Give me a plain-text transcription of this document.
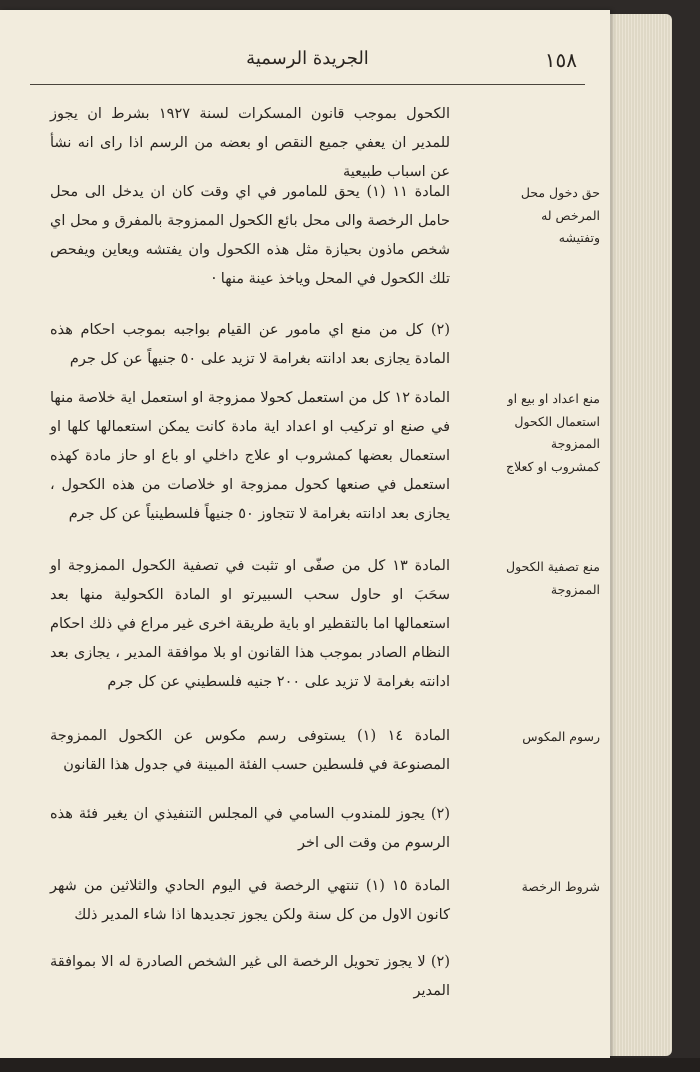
١٥٨
الجريدة الرسمية
الكحول بموجب قانون المسكرات لسنة ١٩٢٧ بشرط ان يجوز للمدير ان يعفي جميع النقص او بعضه من الرسم اذا راى انه نشأ عن اسباب طبيعية
حق دخول محل المرخص له وتفتيشه
المادة ١١ (١) يحق للمامور في اي وقت كان ان يدخل الى محل حامل الرخصة والى محل بائع الكحول الممزوجة بالمفرق و محل اي شخص ماذون بحيازة مثل هذه الكحول وان يفتشه ويعاين ويفحص تلك الكحول في المحل وياخذ عينة منها ·
(٢) كل من منع اي مامور عن القيام بواجبه بموجب احكام هذه المادة يجازى بعد ادانته بغرامة لا تزيد على ٥٠ جنيهاً عن كل جرم
منع اعداد او بيع او استعمال الكحول الممزوجة كمشروب او كعلاج
المادة ١٢ كل من استعمل كحولا ممزوجة او استعمل اية خلاصة منها في صنع او تركيب او اعداد اية مادة كانت يمكن استعمالها كلها او استعمال بعضها كمشروب او علاج داخلي او باع او حاز مادة كهذه استعمل في صنعها كحول ممزوجة او خلاصات من هذه الكحول ، يجازى بعد ادانته بغرامة لا تتجاوز ٥٠ جنيهاً فلسطينياً عن كل جرم
منع تصفية الكحول الممزوجة
المادة ١٣ كل من صفّى او تثبت في تصفية الكحول الممزوجة او سحَبَ او حاول سحب السبيرتو او المادة الكحولية منها بعد استعمالها اما بالتقطير او باية طريقة اخرى غير مراع في ذلك احكام النظام الصادر بموجب هذا القانون او بلا موافقة المدير ، يجازى بعد ادانته بغرامة لا تزيد على ٢٠٠ جنيه فلسطيني عن كل جرم
رسوم المكوس
المادة ١٤ (١) يستوفى رسم مكوس عن الكحول الممزوجة المصنوعة في فلسطين حسب الفئة المبينة في جدول هذا القانون
(٢) يجوز للمندوب السامي في المجلس التنفيذي ان يغير فئة هذه الرسوم من وقت الى اخر
شروط الرخصة
المادة ١٥ (١) تنتهي الرخصة في اليوم الحادي والثلاثين من شهر كانون الاول من كل سنة ولكن يجوز تجديدها اذا شاء المدير ذلك
(٢) لا يجوز تحويل الرخصة الى غير الشخص الصادرة له الا بموافقة المدير
